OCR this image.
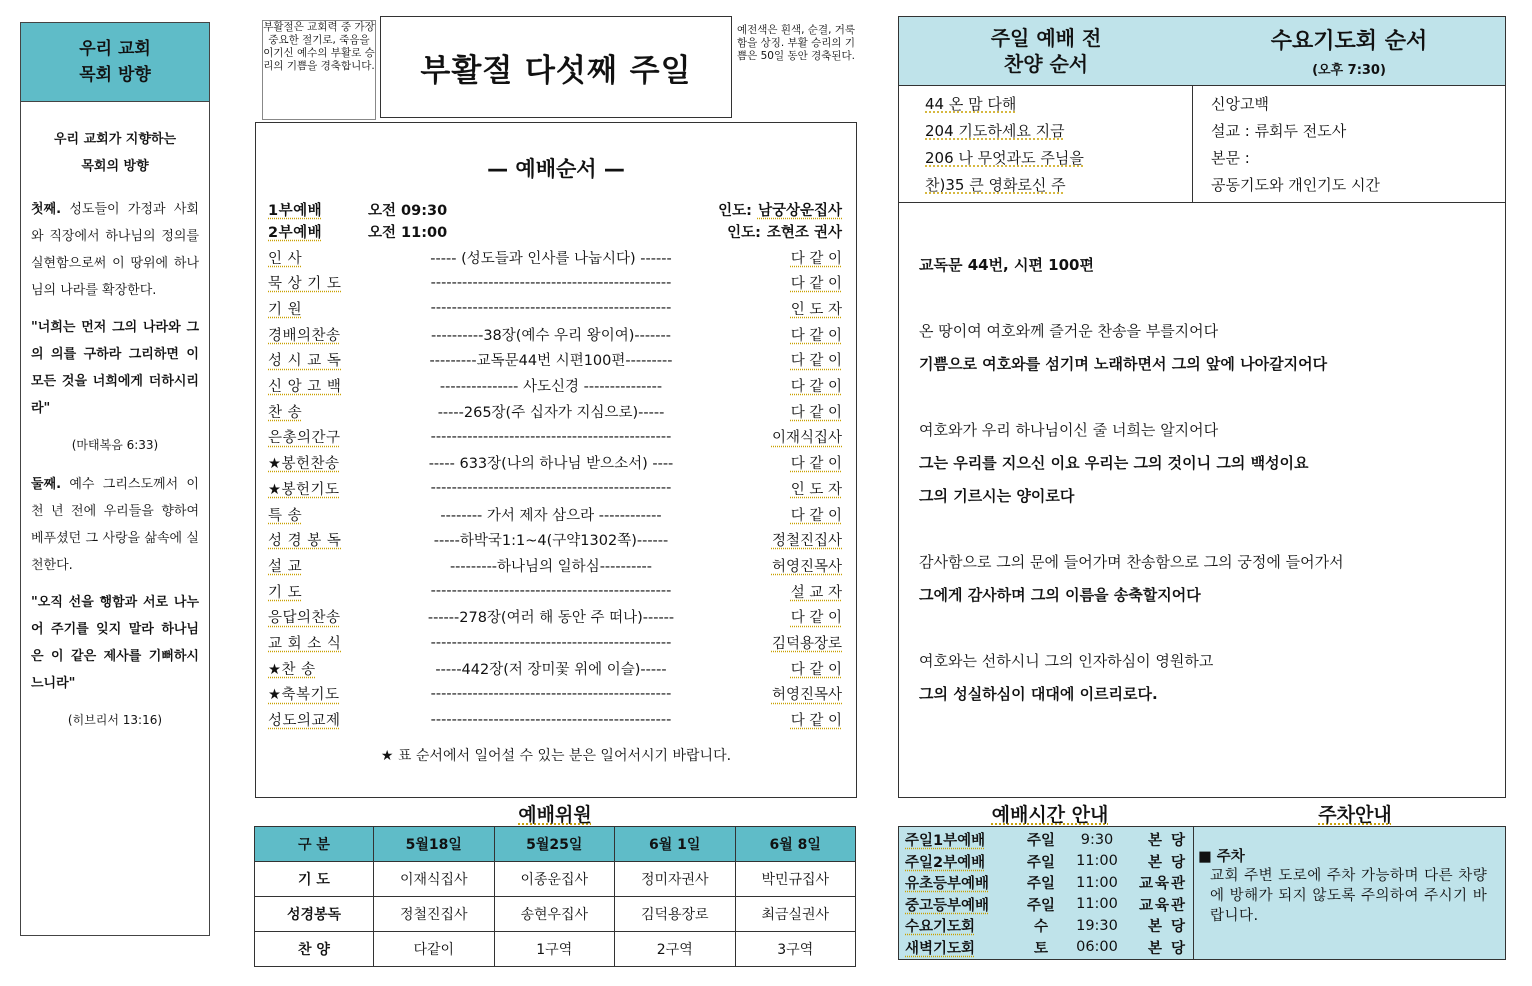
우리 교회
목회 방향
우리 교회가 지향하는
목회의 방향

첫째. 성도들이 가정과 사회와 직장에서 하나님의 정의를 실현함으로써 이 땅위에 하나님의 나라를 확장한다.

"너희는 먼저 그의 나라와 그의 의를 구하라 그리하면 이 모든 것을 너희에게 더하시리라"

(마태복음 6:33)

둘째. 예수 그리스도께서 이천 년 전에 우리들을 향하여 베푸셨던 그 사랑을 삶속에 실천한다.

"오직 선을 행함과 서로 나누어 주기를 잊지 말라 하나님은 이 같은 제사를 기뻐하시느니라"

(히브리서 13:16)
부활절은 교회력 중 가장 중요한 절기로, 죽음을 이기신 예수의 부활로 승리의 기쁨을 경축합니다.	부활절 다섯째 주일
예전색은 흰색, 순결, 거룩함을 상징. 부활 승리의 기쁨은 50일 동안 경축된다.
— 예배순서 —
1부예배	오전 09:30	인도: 남궁상운집사
2부예배	오전 11:00	인도: 조현조 권사
인 사	----- (성도들과 인사를 나눕시다) ------	다 같 이
묵 상 기 도	----------------------------------------------	다 같 이
기 원	----------------------------------------------	인 도 자
경배의찬송	----------38장(예수 우리 왕이여)-------	다 같 이
성 시 교 독	---------교독문44번 시편100편---------	다 같 이
신 앙 고 백	--------------- 사도신경 ---------------	다 같 이
찬 송	-----265장(주 십자가 지심으로)-----	다 같 이
은총의간구	----------------------------------------------	이재식집사
★봉헌찬송	----- 633장(나의 하나님 받으소서) ----	다 같 이
★봉헌기도	----------------------------------------------	인 도 자
특 송	-------- 가서 제자 삼으라 ------------	다 같 이
성 경 봉 독	-----하박국1:1~4(구약1302쪽)------	정철진집사
설 교	---------하나님의 일하심----------	허영진목사
기 도	----------------------------------------------	설 교 자
응답의찬송	------278장(여러 해 동안 주 떠나)------	다 같 이
교 회 소 식	----------------------------------------------	김덕용장로
★찬 송	-----442장(저 장미꽃 위에 이슬)-----	다 같 이
★축복기도	----------------------------------------------	허영진목사
성도의교제	----------------------------------------------	다 같 이
★ 표 순서에서 일어설 수 있는 분은 일어서시기 바랍니다.
예배위원
구 분	5월18일	5월25일	6월 1일	6월 8일
기 도	이재식집사	이종운집사	정미자권사	박민규집사
성경봉독	정철진집사	송현우집사	김덕용장로	최금실권사
찬 양	다같이	1구역	2구역	3구역
주일 예배 전
찬양 순서
수요기도회 순서
(오후 7:30)
44 온 맘 다해
204 기도하세요 지금
206 나 무엇과도 주님을
찬)35 큰 영화로신 주
신앙고백
설교 : 류회두 전도사
본문 :
공동기도와 개인기도 시간
교독문 44번, 시편 100편
온 땅이여 여호와께 즐거운 찬송을 부를지어다
기쁨으로 여호와를 섬기며 노래하면서 그의 앞에 나아갈지어다
여호와가 우리 하나님이신 줄 너희는 알지어다
그는 우리를 지으신 이요 우리는 그의 것이니 그의 백성이요
그의 기르시는 양이로다
감사함으로 그의 문에 들어가며 찬송함으로 그의 궁정에 들어가서
그에게 감사하며 그의 이름을 송축할지어다
여호와는 선하시니 그의 인자하심이 영원하고
그의 성실하심이 대대에 이르리로다.
예배시간 안내	주차안내
주일1부예배	주일	9:30	본 당
주일2부예배	주일	11:00	본 당
유초등부예배	주일	11:00	교육관
중고등부예배	주일	11:00	교육관
수요기도회	수	19:30	본 당
새벽기도회	토	06:00	본 당
■ 주차
교회 주변 도로에 주차 가능하며 다른 차량에 방해가 되지 않도록 주의하여 주시기 바랍니다.
